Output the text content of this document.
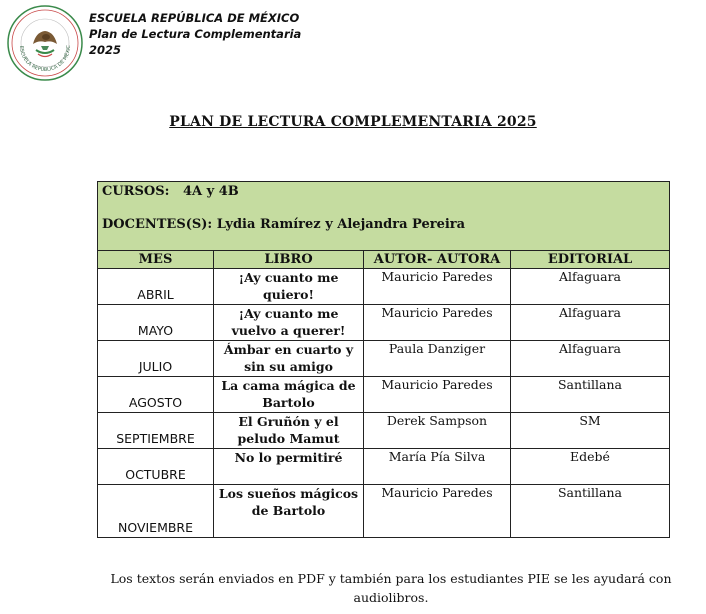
ESCUELA REPÚBLICA DE MÉXIC
ESCUELA REPÚBLICA DE MÉXICO
Plan de Lectura Complementaria
2025
PLAN DE LECTURA COMPLEMENTARIA 2025
CURSOS: 4A y 4B
DOCENTES(S): Lydia Ramírez y Alejandra Pereira			

MES	LIBRO	AUTOR- AUTORA	EDITORIAL
ABRIL	¡Ay cuanto me quiero!	Mauricio Paredes	Alfaguara
MAYO	¡Ay cuanto me vuelvo a querer!	Mauricio Paredes	Alfaguara
JULIO	Ámbar en cuarto y sin su amigo	Paula Danziger	Alfaguara
AGOSTO	La cama mágica de Bartolo	Mauricio Paredes	Santillana
SEPTIEMBRE	El Gruñón y el peludo Mamut	Derek Sampson	SM
OCTUBRE	No lo permitiré	María Pía Silva	Edebé
NOVIEMBRE	Los sueños mágicos de Bartolo	Mauricio Paredes	Santillana
Los textos serán enviados en PDF y también para los estudiantes PIE se les ayudará con audiolibros.
